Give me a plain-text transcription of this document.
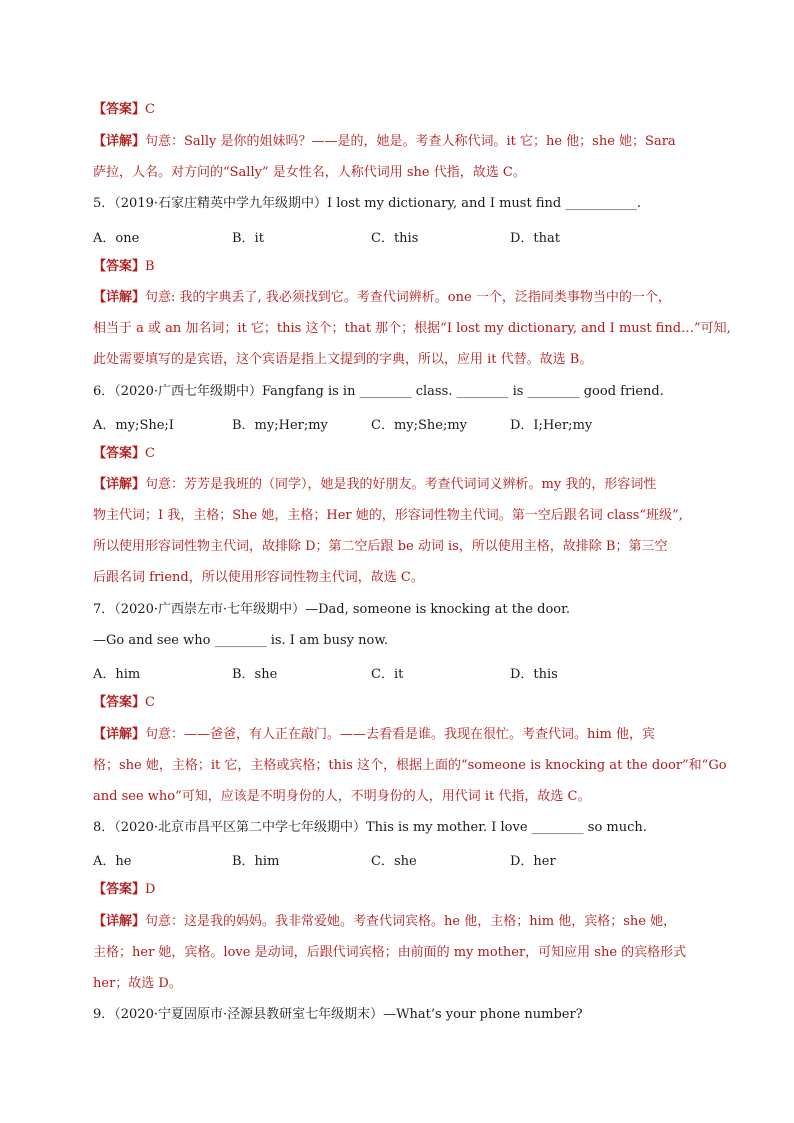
【答案】C
【详解】句意：Sally 是你的姐妹吗？——是的，她是。考查人称代词。it 它；he 他；she 她；Sara
萨拉，人名。对方问的“Sally” 是女性名，人称代词用 she 代指，故选 C。
5．（2019·石家庄精英中学九年级期中）I lost my dictionary, and I must find ___________.
A．one	B．it	C．this	D．that
【答案】B
【详解】句意: 我的字典丢了, 我必须找到它。考查代词辨析。one 一个，泛指同类事物当中的一个，
相当于 a 或 an 加名词；it 它；this 这个；that 那个；根据“I lost my dictionary, and I must find…”可知,
此处需要填写的是宾语，这个宾语是指上文提到的字典，所以，应用 it 代替。故选 B。
6．（2020·广西七年级期中）Fangfang is in ________ class. ________ is ________ good friend.
A．my;She;I	B．my;Her;my	C．my;She;my	D．I;Her;my
【答案】C
【详解】句意：芳芳是我班的（同学），她是我的好朋友。考查代词词义辨析。my 我的，形容词性
物主代词；I 我，主格；She 她，主格；Her 她的，形容词性物主代词。第一空后跟名词 class“班级”,
所以使用形容词性物主代词，故排除 D；第二空后跟 be 动词 is，所以使用主格，故排除 B；第三空
后跟名词 friend，所以使用形容词性物主代词，故选 C。
7．（2020·广西崇左市·七年级期中）—Dad, someone is knocking at the door.
—Go and see who ________ is. I am busy now.
A．him	B．she	C．it	D．this
【答案】C
【详解】句意：——爸爸，有人正在敲门。——去看看是谁。我现在很忙。考查代词。him 他，宾
格；she 她，主格；it 它，主格或宾格；this 这个，根据上面的“someone is knocking at the door”和“Go
and see who”可知，应该是不明身份的人，不明身份的人，用代词 it 代指，故选 C。
8．（2020·北京市昌平区第二中学七年级期中）This is my mother. I love ________ so much.
A．he	B．him	C．she	D．her
【答案】D
【详解】句意：这是我的妈妈。我非常爱她。考查代词宾格。he 他，主格；him 他，宾格；she 她，
主格；her 她，宾格。love 是动词，后跟代词宾格；由前面的 my mother，可知应用 she 的宾格形式
her；故选 D。
9．（2020·宁夏固原市·泾源县教研室七年级期末）—What’s your phone number?
